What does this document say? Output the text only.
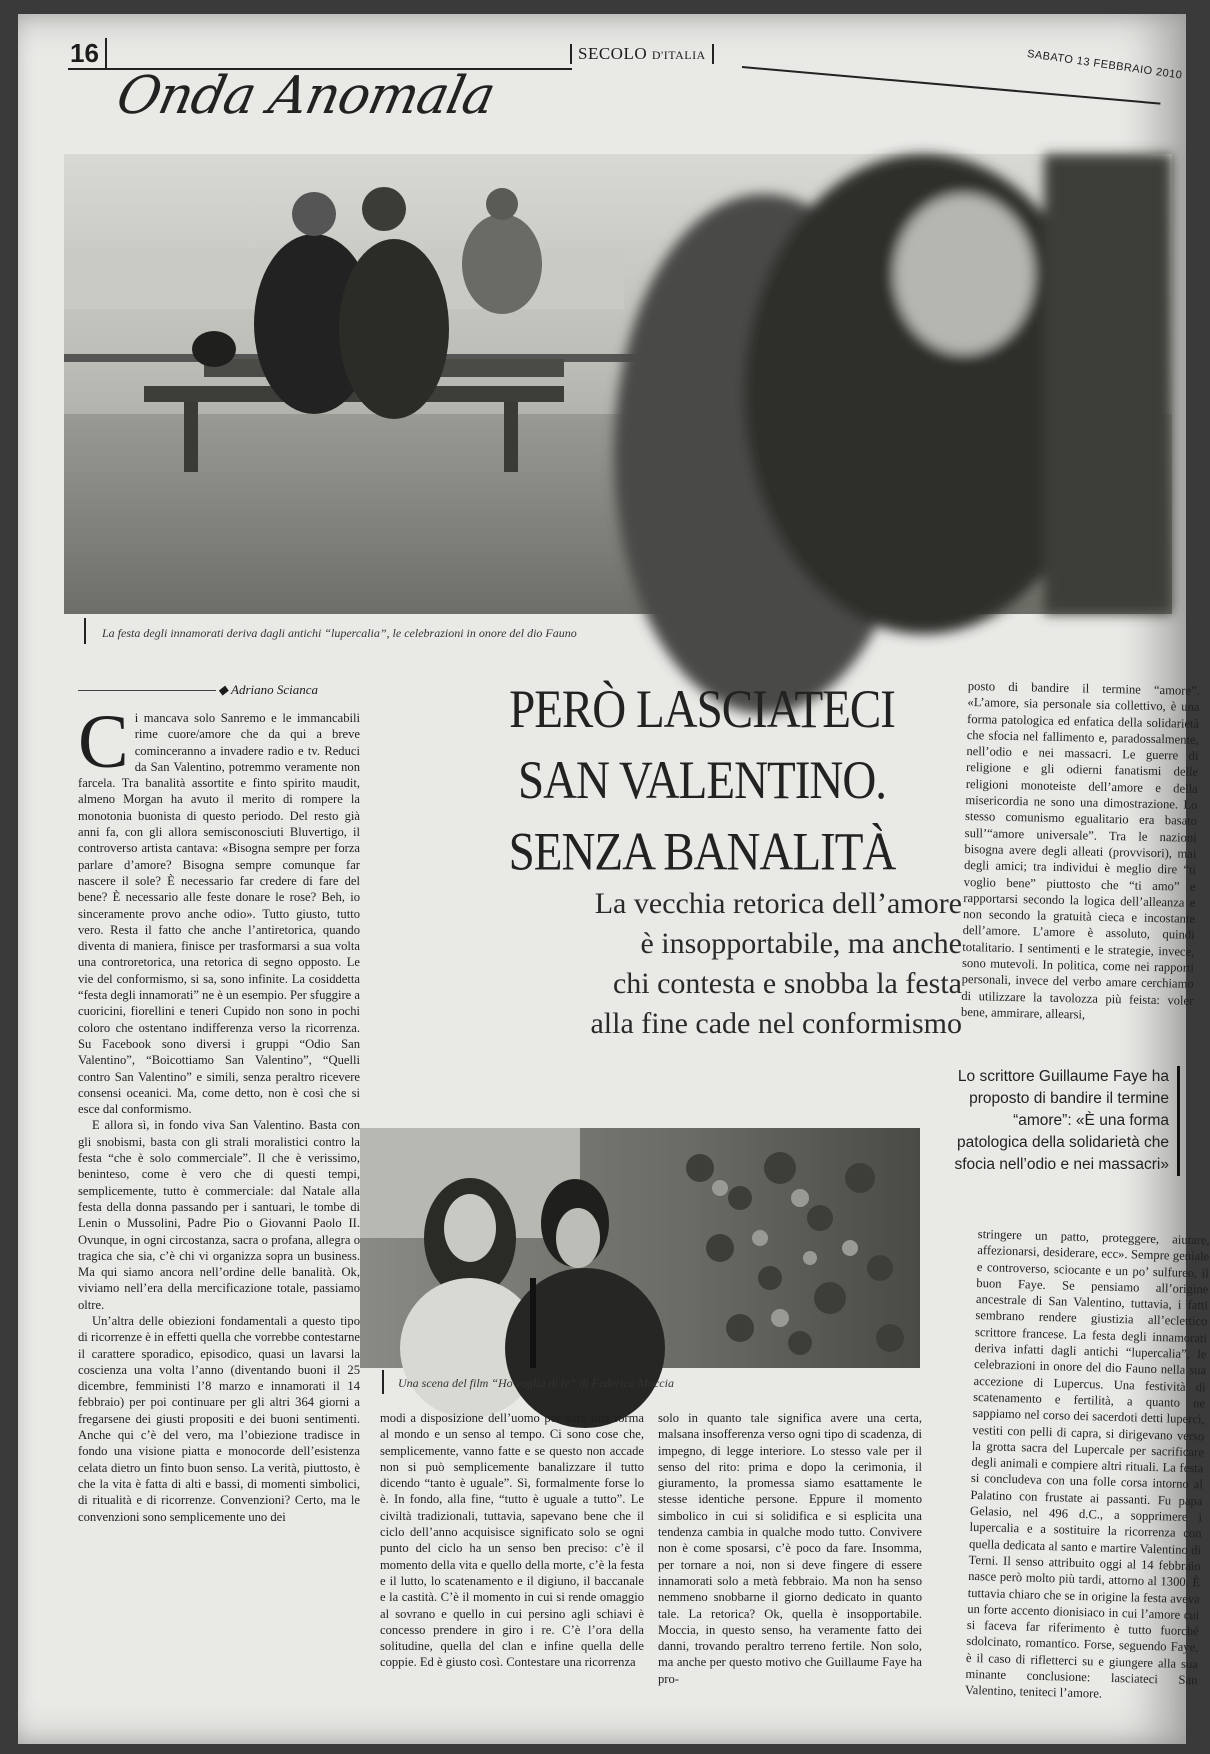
16	SECOLO D'ITALIA	SABATO 13 FEBBRAIO 2010
Onda Anomala
La festa degli innamorati deriva dagli antichi “lupercalia”, le celebrazioni in onore del dio Fauno
◆ Adriano Scianca

Ci mancava solo Sanremo e le immancabili rime cuore/amore che da qui a breve cominceranno a invadere radio e tv. Reduci da San Valentino, potremmo veramente non farcela. Tra banalità assortite e finto spirito maudit, almeno Morgan ha avuto il merito di rompere la monotonia buonista di questo periodo. Del resto già anni fa, con gli allora semisconosciuti Bluvertigo, il controverso artista cantava: «Bisogna sempre per forza parlare d’amore? Bisogna sempre comunque far nascere il sole? È necessario far credere di fare del bene? È necessario alle feste donare le rose? Beh, io sinceramente provo anche odio». Tutto giusto, tutto vero. Resta il fatto che anche l’antiretorica, quando diventa di maniera, finisce per trasformarsi a sua volta una controretorica, una retorica di segno opposto. Le vie del conformismo, si sa, sono infinite. La cosiddetta “festa degli innamorati” ne è un esempio. Per sfuggire a cuoricini, fiorellini e teneri Cupido non sono in pochi coloro che ostentano indifferenza verso la ricorrenza. Su Facebook sono diversi i gruppi “Odio San Valentino”, “Boicottiamo San Valentino”, “Quelli contro San Valentino” e simili, senza peraltro ricevere consensi oceanici. Ma, come detto, non è così che si esce dal conformismo.

E allora sì, in fondo viva San Valentino. Basta con gli snobismi, basta con gli strali moralistici contro la festa “che è solo commerciale”. Il che è verissimo, beninteso, come è vero che di questi tempi, semplicemente, tutto è commerciale: dal Natale alla festa della donna passando per i santuari, le tombe di Lenin o Mussolini, Padre Pio o Giovanni Paolo II. Ovunque, in ogni circostanza, sacra o profana, allegra o tragica che sia, c’è chi vi organizza sopra un business. Ma qui siamo ancora nell’ordine delle banalità. Ok, viviamo nell’era della mercificazione totale, passiamo oltre.

Un’altra delle obiezioni fondamentali a questo tipo di ricorrenze è in effetti quella che vorrebbe contestarne il carattere sporadico, episodico, quasi un lavarsi la coscienza una volta l’anno (diventando buoni il 25 dicembre, femministi l’8 marzo e innamorati il 14 febbraio) per poi continuare per gli altri 364 giorni a fregarsene dei giusti propositi e dei buoni sentimenti. Anche qui c’è del vero, ma l’obiezione tradisce in fondo una visione piatta e monocorde dell’esistenza celata dietro un finto buon senso. La verità, piuttosto, è che la vita è fatta di alti e bassi, di momenti simbolici, di ritualità e di ricorrenze. Convenzioni? Certo, ma le convenzioni sono semplicemente uno dei

PERÒ LASCIATECI
SAN VALENTINO.
SENZA BANALITÀ
La vecchia retorica dell’amore
è insopportabile, ma anche
chi contesta e snobba la festa
alla fine cade nel conformismo

posto di bandire il termine “amore”. «L’amore, sia personale sia collettivo, è una forma patologica ed enfatica della solidarietà che sfocia nel fallimento e, paradossalmente, nell’odio e nei massacri. Le guerre di religione e gli odierni fanatismi delle religioni monoteiste dell’amore e della misericordia ne sono una dimostrazione. Lo stesso comunismo egualitario era basato sull’“amore universale”. Tra le nazioni bisogna avere degli alleati (provvisori), mai degli amici; tra individui è meglio dire “ti voglio bene” piuttosto che “ti amo” e rapportarsi secondo la logica dell’alleanza e non secondo la gratuità cieca e incostante dell’amore. L’amore è assoluto, quindi totalitario. I sentimenti e le strategie, invece, sono mutevoli. In politica, come nei rapporti personali, invece del verbo amare cerchiamo di utilizzare la tavolozza più feista: voler bene, ammirare, allearsi,

Lo scrittore Guillaume Faye ha proposto di bandire il termine “amore”: «È una forma patologica della solidarietà che sfocia nell’odio e nei massacri»
Una scena del film “Ho voglia di te” di Federico Moccia

modi a disposizione dell’uomo per dare una forma al mondo e un senso al tempo. Ci sono cose che, semplicemente, vanno fatte e se questo non accade non si può semplicemente banalizzare il tutto dicendo “tanto è uguale”. Sì, formalmente forse lo è. In fondo, alla fine, “tutto è uguale a tutto”. Le civiltà tradizionali, tuttavia, sapevano bene che il ciclo dell’anno acquisisce significato solo se ogni punto del ciclo ha un senso ben preciso: c’è il momento della vita e quello della morte, c’è la festa e il lutto, lo scatenamento e il digiuno, il baccanale e la castità. C’è il momento in cui si rende omaggio al sovrano e quello in cui persino agli schiavi è concesso prendere in giro i re. C’è l’ora della solitudine, quella del clan e infine quella delle coppie. Ed è giusto così. Contestare una ricorrenza

solo in quanto tale significa avere una certa, malsana insofferenza verso ogni tipo di scadenza, di impegno, di legge interiore. Lo stesso vale per il senso del rito: prima e dopo la cerimonia, il giuramento, la promessa siamo esattamente le stesse identiche persone. Eppure il momento simbolico in cui si solidifica e si esplicita una tendenza cambia in qualche modo tutto. Convivere non è come sposarsi, c’è poco da fare. Insomma, per tornare a noi, non si deve fingere di essere innamorati solo a metà febbraio. Ma non ha senso nemmeno snobbarne il giorno dedicato in quanto tale. La retorica? Ok, quella è insopportabile. Moccia, in questo senso, ha veramente fatto dei danni, trovando peraltro terreno fertile. Non solo, ma anche per questo motivo che Guillaume Faye ha pro-

stringere un patto, proteggere, aiutare, affezionarsi, desiderare, ecc». Sempre geniale e controverso, sciocante e un po’ sulfureo, il buon Faye. Se pensiamo all’origine ancestrale di San Valentino, tuttavia, i fatti sembrano rendere giustizia all’eclettico scrittore francese. La festa degli innamorati deriva infatti dagli antichi “lupercalia”, le celebrazioni in onore del dio Fauno nella sua accezione di Lupercus. Una festività di scatenamento e fertilità, a quanto ne sappiamo nel corso dei sacerdoti detti luperci, vestiti con pelli di capra, si dirigevano verso la grotta sacra del Lupercale per sacrificare degli animali e compiere altri rituali. La festa si concludeva con una folle corsa intorno al Palatino con frustate ai passanti. Fu papa Gelasio, nel 496 d.C., a sopprimere i lupercalia e a sostituire la ricorrenza con quella dedicata al santo e martire Valentino di Terni. Il senso attribuito oggi al 14 febbraio nasce però molto più tardi, attorno al 1300. È tuttavia chiaro che se in origine la festa aveva un forte accento dionisiaco in cui l’amore cui si faceva far riferimento è tutto fuorché sdolcinato, romantico. Forse, seguendo Faye, è il caso di rifletterci su e giungere alla sua minante conclusione: lasciateci San Valentino, teniteci l’amore.
